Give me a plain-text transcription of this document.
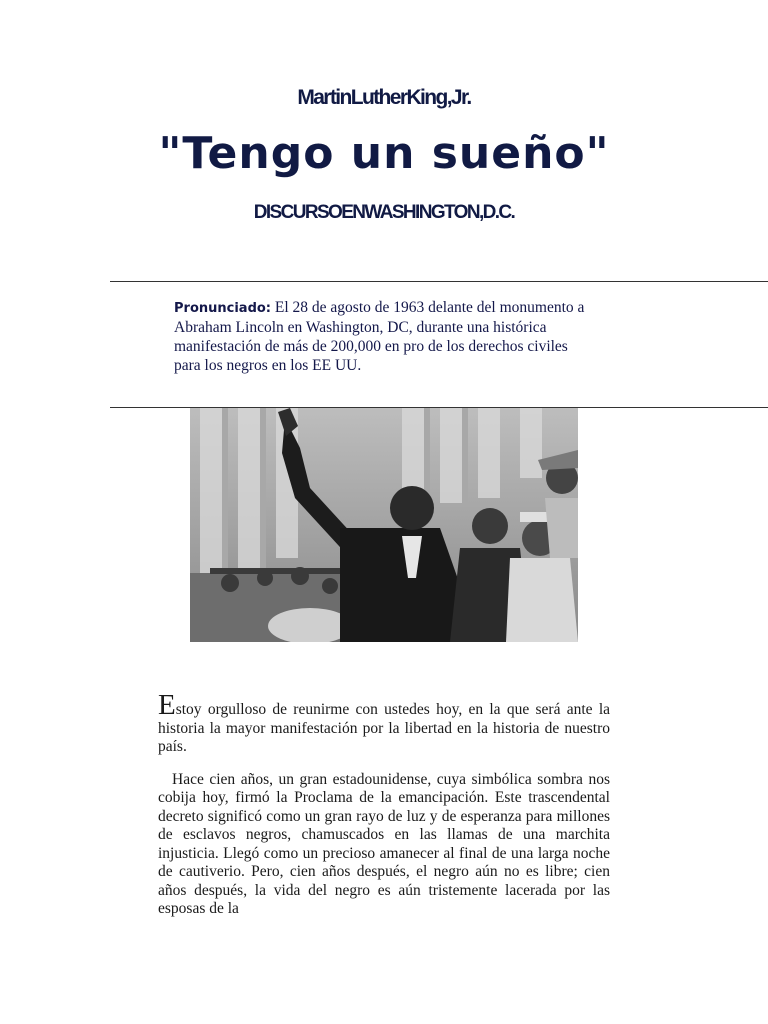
MartinLutherKing,Jr.
"Tengo un sueño"
DISCURSOENWASHINGTON,D.C.
Pronunciado: El 28 de agosto de 1963 delante del monumento a Abraham Lincoln en Washington, DC, durante una histórica manifestación de más de 200,000 en pro de los derechos civiles para los negros en los EE UU.

Estoy orgulloso de reunirme con ustedes hoy, en la que será ante la historia la mayor manifestación por la libertad en la historia de nuestro país.

Hace cien años, un gran estadounidense, cuya simbólica sombra nos cobija hoy, firmó la Proclama de la emancipación. Este trascendental decreto significó como un gran rayo de luz y de esperanza para millones de esclavos negros, chamuscados en las llamas de una marchita injusticia. Llegó como un precioso amanecer al final de una larga noche de cautiverio. Pero, cien años después, el negro aún no es libre; cien años después, la vida del negro es aún tristemente lacerada por las esposas de la
